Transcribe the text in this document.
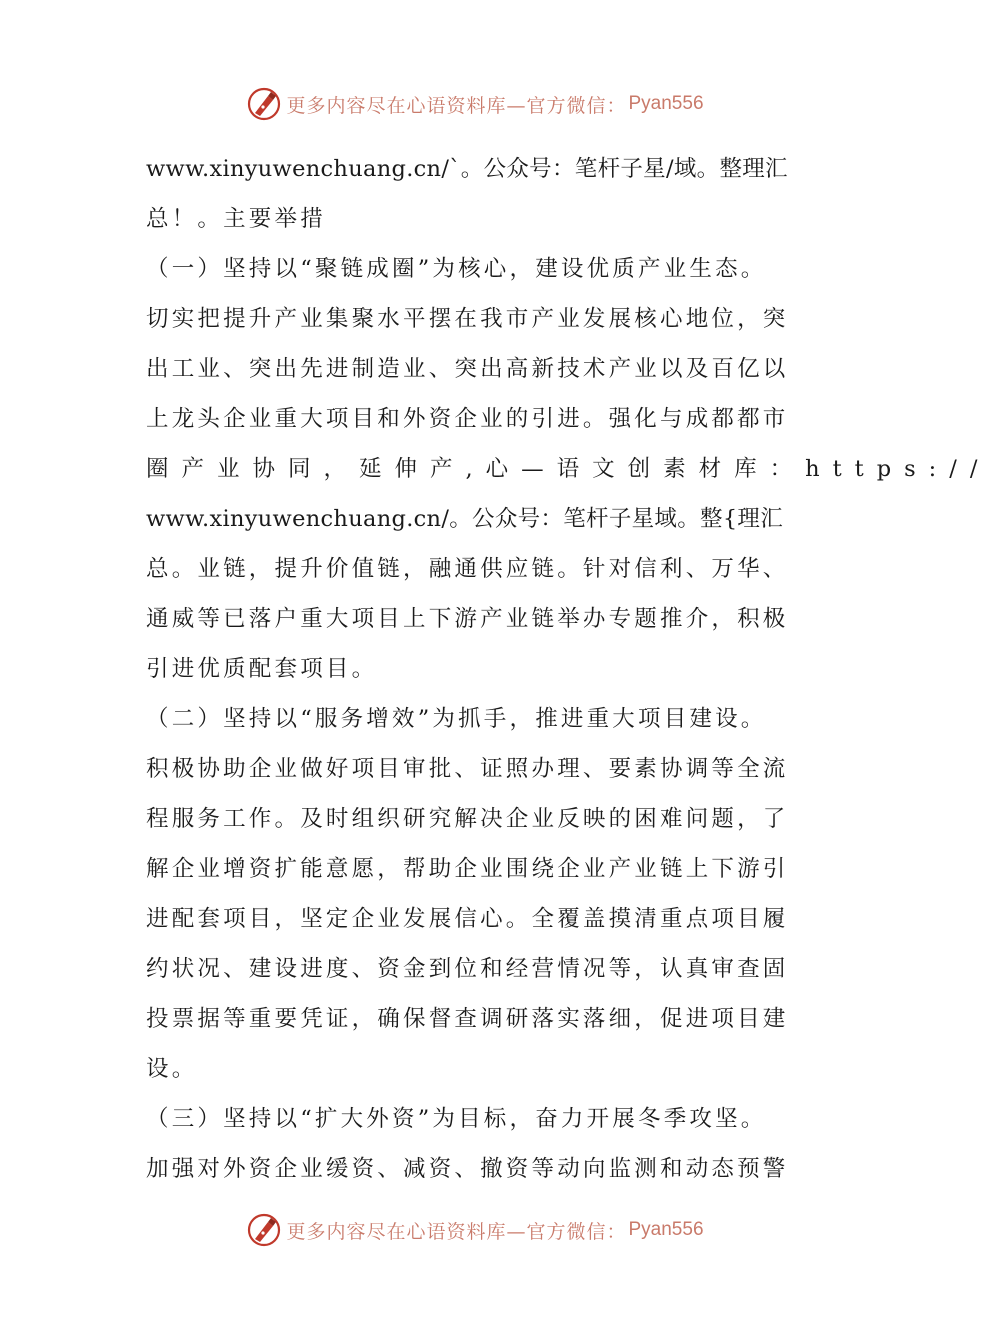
更多内容尽在心语资料库—官方微信： Pyan556
www.xinyuwenchuang.cn/`。公众号：笔杆子星/域。整理汇
总！。主要举措
（一）坚持以“聚链成圈”为核心，建设优质产业生态。
切实把提升产业集聚水平摆在我市产业发展核心地位，突
出工业、突出先进制造业、突出高新技术产业以及百亿以
上龙头企业重大项目和外资企业的引进。强化与成都都市
圈产业协同，延伸产,心—语文创素材库：https://
www.xinyuwenchuang.cn/。公众号：笔杆子星域。整{理汇
总。业链，提升价值链，融通供应链。针对信利、万华、
通威等已落户重大项目上下游产业链举办专题推介，积极
引进优质配套项目。
（二）坚持以“服务增效”为抓手，推进重大项目建设。
积极协助企业做好项目审批、证照办理、要素协调等全流
程服务工作。及时组织研究解决企业反映的困难问题，了
解企业增资扩能意愿，帮助企业围绕企业产业链上下游引
进配套项目，坚定企业发展信心。全覆盖摸清重点项目履
约状况、建设进度、资金到位和经营情况等，认真审查固
投票据等重要凭证，确保督查调研落实落细，促进项目建
设。
（三）坚持以“扩大外资”为目标，奋力开展冬季攻坚。
加强对外资企业缓资、减资、撤资等动向监测和动态预警
更多内容尽在心语资料库—官方微信： Pyan556
